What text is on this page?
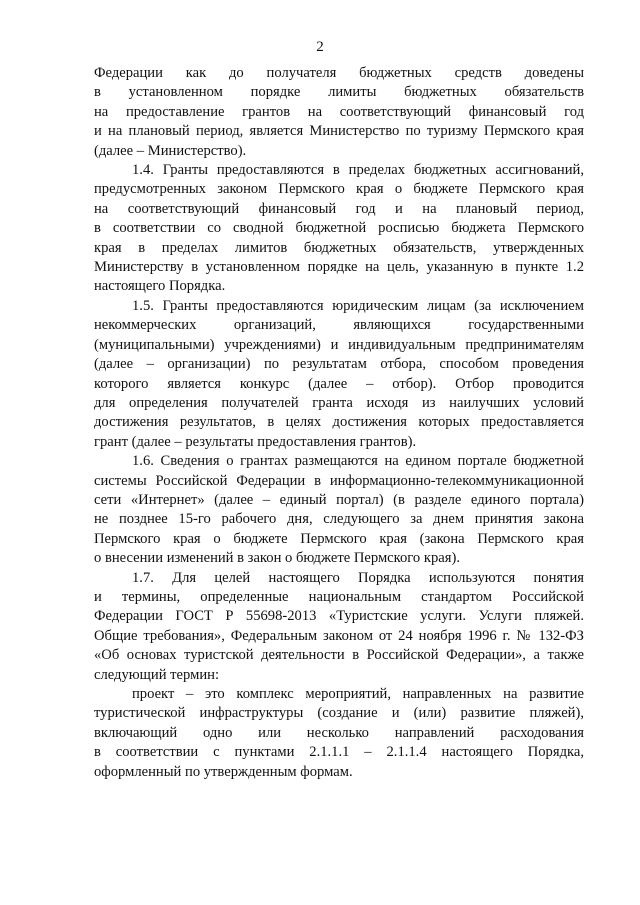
2
Федерации как до получателя бюджетных средств доведены
в установленном порядке лимиты бюджетных обязательств
на предоставление грантов на соответствующий финансовый год
и на плановый период, является Министерство по туризму Пермского края
(далее – Министерство).
1.4. Гранты предоставляются в пределах бюджетных ассигнований,
предусмотренных законом Пермского края о бюджете Пермского края
на соответствующий финансовый год и на плановый период,
в соответствии со сводной бюджетной росписью бюджета Пермского
края в пределах лимитов бюджетных обязательств, утвержденных
Министерству в установленном порядке на цель, указанную в пункте 1.2
настоящего Порядка.
1.5. Гранты предоставляются юридическим лицам (за исключением
некоммерческих организаций, являющихся государственными
(муниципальными) учреждениями) и индивидуальным предпринимателям
(далее – организации) по результатам отбора, способом проведения
которого является конкурс (далее – отбор). Отбор проводится
для определения получателей гранта исходя из наилучших условий
достижения результатов, в целях достижения которых предоставляется
грант (далее – результаты предоставления грантов).
1.6. Сведения о грантах размещаются на едином портале бюджетной
системы Российской Федерации в информационно-телекоммуникационной
сети «Интернет» (далее – единый портал) (в разделе единого портала)
не позднее 15-го рабочего дня, следующего за днем принятия закона
Пермского края о бюджете Пермского края (закона Пермского края
о внесении изменений в закон о бюджете Пермского края).
1.7. Для целей настоящего Порядка используются понятия
и термины, определенные национальным стандартом Российской
Федерации ГОСТ Р 55698-2013 «Туристские услуги. Услуги пляжей.
Общие требования», Федеральным законом от 24 ноября 1996 г. № 132-ФЗ
«Об основах туристской деятельности в Российской Федерации», а также
следующий термин:
проект – это комплекс мероприятий, направленных на развитие
туристической инфраструктуры (создание и (или) развитие пляжей),
включающий одно или несколько направлений расходования
в соответствии с пунктами 2.1.1.1 – 2.1.1.4 настоящего Порядка,
оформленный по утвержденным формам.
